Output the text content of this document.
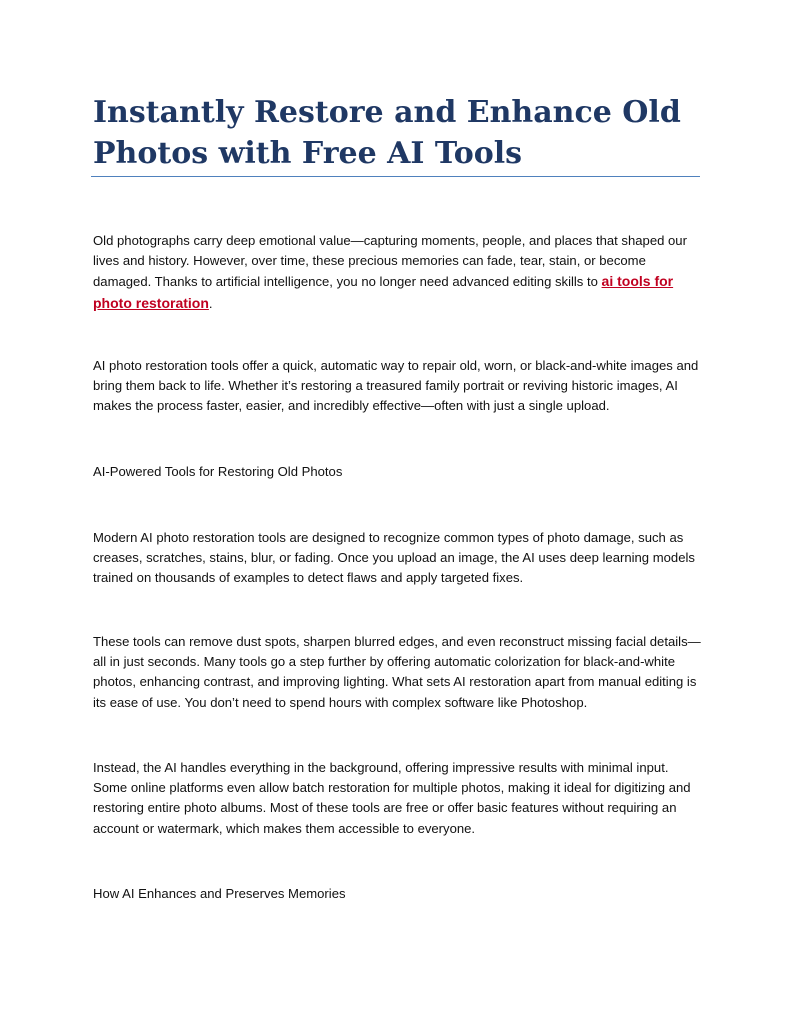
Instantly Restore and Enhance Old Photos with Free AI Tools

Old photographs carry deep emotional value—capturing moments, people, and places that shaped our lives and history. However, over time, these precious memories can fade, tear, stain, or become damaged. Thanks to artificial intelligence, you no longer need advanced editing skills to ai tools for photo restoration.

AI photo restoration tools offer a quick, automatic way to repair old, worn, or black-and-white images and bring them back to life. Whether it’s restoring a treasured family portrait or reviving historic images, AI makes the process faster, easier, and incredibly effective—often with just a single upload.

AI-Powered Tools for Restoring Old Photos

Modern AI photo restoration tools are designed to recognize common types of photo damage, such as creases, scratches, stains, blur, or fading. Once you upload an image, the AI uses deep learning models trained on thousands of examples to detect flaws and apply targeted fixes.

These tools can remove dust spots, sharpen blurred edges, and even reconstruct missing facial details—all in just seconds. Many tools go a step further by offering automatic colorization for black-and-white photos, enhancing contrast, and improving lighting. What sets AI restoration apart from manual editing is its ease of use. You don’t need to spend hours with complex software like Photoshop.

Instead, the AI handles everything in the background, offering impressive results with minimal input. Some online platforms even allow batch restoration for multiple photos, making it ideal for digitizing and restoring entire photo albums. Most of these tools are free or offer basic features without requiring an account or watermark, which makes them accessible to everyone.

How AI Enhances and Preserves Memories
